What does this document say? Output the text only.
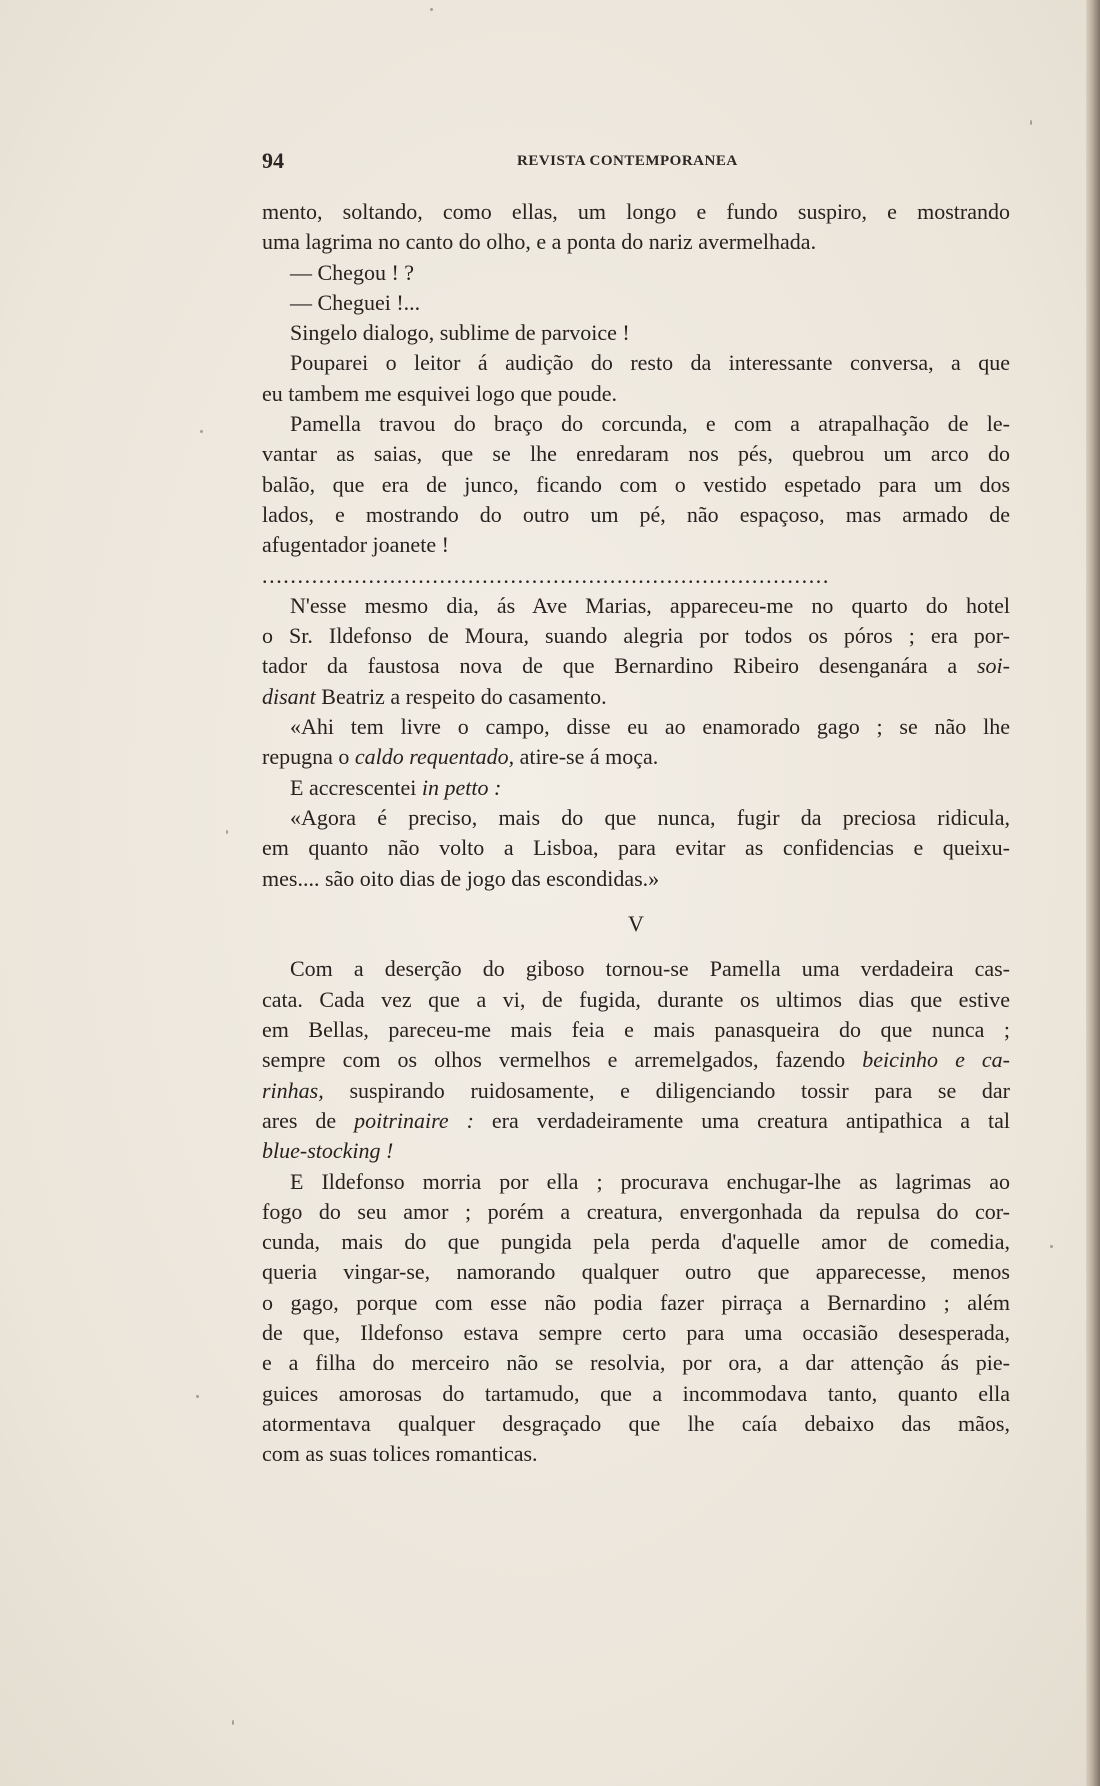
94	REVISTA CONTEMPORANEA
mento, soltando, como ellas, um longo e fundo suspiro, e mostrando
uma lagrima no canto do olho, e a ponta do nariz avermelhada.
— Chegou ! ?
— Cheguei !...
Singelo dialogo, sublime de parvoice !
Pouparei o leitor á audição do resto da interessante conversa, a que
eu tambem me esquivei logo que poude.
Pamella travou do braço do corcunda, e com a atrapalhação de le-
vantar as saias, que se lhe enredaram nos pés, quebrou um arco do
balão, que era de junco, ficando com o vestido espetado para um dos
lados, e mostrando do outro um pé, não espaçoso, mas armado de
afugentador joanete !
................................................................................
N'esse mesmo dia, ás Ave Marias, appareceu-me no quarto do hotel
o Sr. Ildefonso de Moura, suando alegria por todos os póros ; era por-
tador da faustosa nova de que Bernardino Ribeiro desenganára a soi-
disant Beatriz a respeito do casamento.
«Ahi tem livre o campo, disse eu ao enamorado gago ; se não lhe
repugna o caldo requentado, atire-se á moça.
E accrescentei in petto :
«Agora é preciso, mais do que nunca, fugir da preciosa ridicula,
em quanto não volto a Lisboa, para evitar as confidencias e queixu-
mes.... são oito dias de jogo das escondidas.»
V
Com a deserção do giboso tornou-se Pamella uma verdadeira cas-
cata. Cada vez que a vi, de fugida, durante os ultimos dias que estive
em Bellas, pareceu-me mais feia e mais panasqueira do que nunca ;
sempre com os olhos vermelhos e arremelgados, fazendo beicinho e ca-
rinhas, suspirando ruidosamente, e diligenciando tossir para se dar
ares de poitrinaire : era verdadeiramente uma creatura antipathica a tal
blue-stocking !
E Ildefonso morria por ella ; procurava enchugar-lhe as lagrimas ao
fogo do seu amor ; porém a creatura, envergonhada da repulsa do cor-
cunda, mais do que pungida pela perda d'aquelle amor de comedia,
queria vingar-se, namorando qualquer outro que apparecesse, menos
o gago, porque com esse não podia fazer pirraça a Bernardino ; além
de que, Ildefonso estava sempre certo para uma occasião desesperada,
e a filha do merceiro não se resolvia, por ora, a dar attenção ás pie-
guices amorosas do tartamudo, que a incommodava tanto, quanto ella
atormentava qualquer desgraçado que lhe caía debaixo das mãos,
com as suas tolices romanticas.
